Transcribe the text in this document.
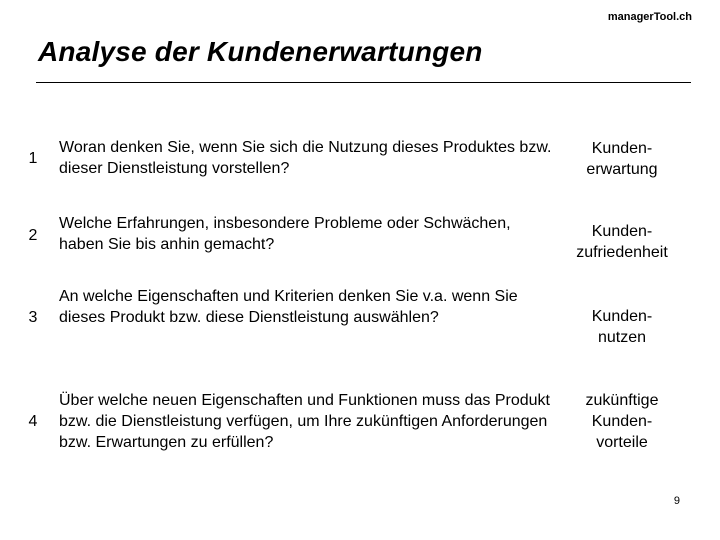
managerTool.ch
Analyse der Kundenerwartungen
1
Woran denken Sie, wenn Sie sich die Nutzung dieses Produktes bzw. dieser Dienstleistung vorstellen?
Kunden-
erwartung
2
Welche Erfahrungen, insbesondere Probleme oder Schwächen, haben Sie bis anhin gemacht?
Kunden-
zufriedenheit
3
An welche Eigenschaften und Kriterien denken Sie v.a. wenn Sie dieses Produkt bzw. diese Dienstleistung auswählen?	Kunden-
nutzen
4
Über welche neuen Eigenschaften und Funktionen muss das Produkt bzw. die Dienstleistung verfügen, um Ihre zukünftigen Anforderungen bzw. Erwartungen zu erfüllen?
zukünftige
Kunden-
vorteile
9
